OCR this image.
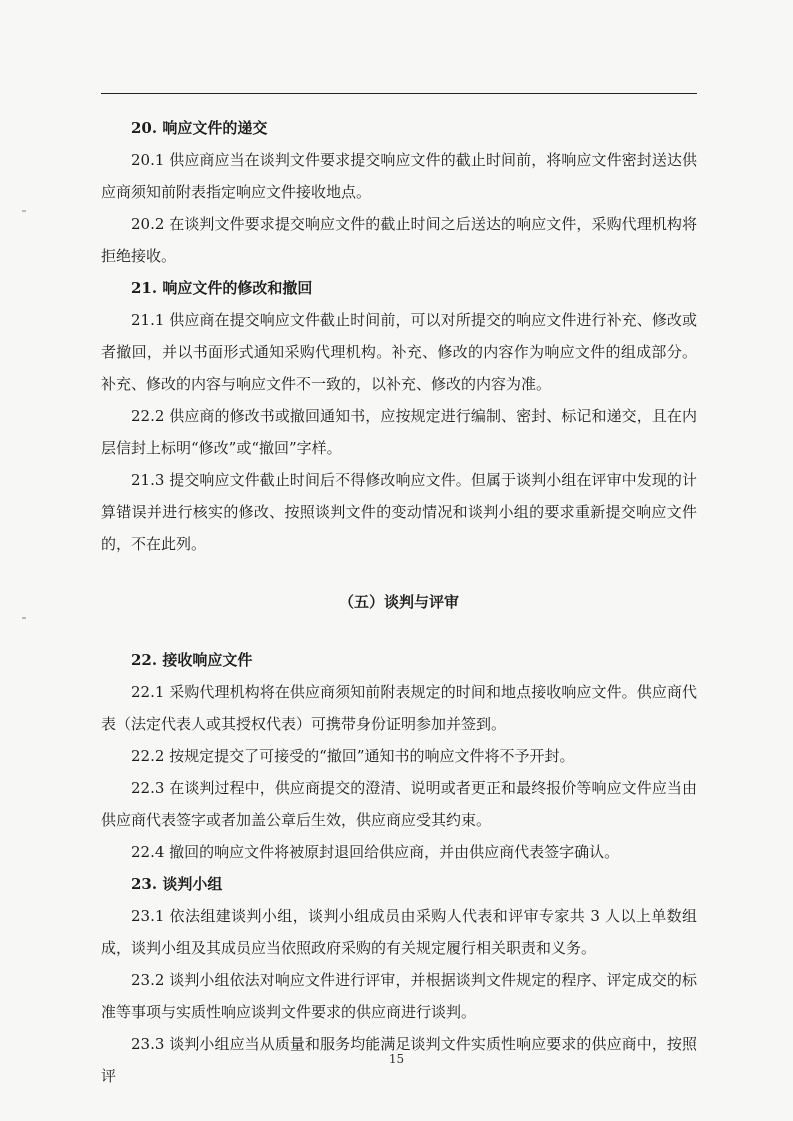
20. 响应文件的递交

20.1 供应商应当在谈判文件要求提交响应文件的截止时间前，将响应文件密封送达供应商须知前附表指定响应文件接收地点。

20.2 在谈判文件要求提交响应文件的截止时间之后送达的响应文件，采购代理机构将拒绝接收。

21. 响应文件的修改和撤回

21.1 供应商在提交响应文件截止时间前，可以对所提交的响应文件进行补充、修改或者撤回，并以书面形式通知采购代理机构。补充、修改的内容作为响应文件的组成部分。补充、修改的内容与响应文件不一致的，以补充、修改的内容为准。

22.2 供应商的修改书或撤回通知书，应按规定进行编制、密封、标记和递交，且在内层信封上标明“修改”或“撤回”字样。

21.3 提交响应文件截止时间后不得修改响应文件。但属于谈判小组在评审中发现的计算错误并进行核实的修改、按照谈判文件的变动情况和谈判小组的要求重新提交响应文件的，不在此列。

（五）谈判与评审

22. 接收响应文件

22.1 采购代理机构将在供应商须知前附表规定的时间和地点接收响应文件。供应商代表（法定代表人或其授权代表）可携带身份证明参加并签到。

22.2 按规定提交了可接受的“撤回”通知书的响应文件将不予开封。

22.3 在谈判过程中，供应商提交的澄清、说明或者更正和最终报价等响应文件应当由供应商代表签字或者加盖公章后生效，供应商应受其约束。

22.4 撤回的响应文件将被原封退回给供应商，并由供应商代表签字确认。

23. 谈判小组

23.1 依法组建谈判小组，谈判小组成员由采购人代表和评审专家共 3 人以上单数组成，谈判小组及其成员应当依照政府采购的有关规定履行相关职责和义务。

23.2 谈判小组依法对响应文件进行评审，并根据谈判文件规定的程序、评定成交的标准等事项与实质性响应谈判文件要求的供应商进行谈判。

23.3 谈判小组应当从质量和服务均能满足谈判文件实质性响应要求的供应商中，按照评

15
